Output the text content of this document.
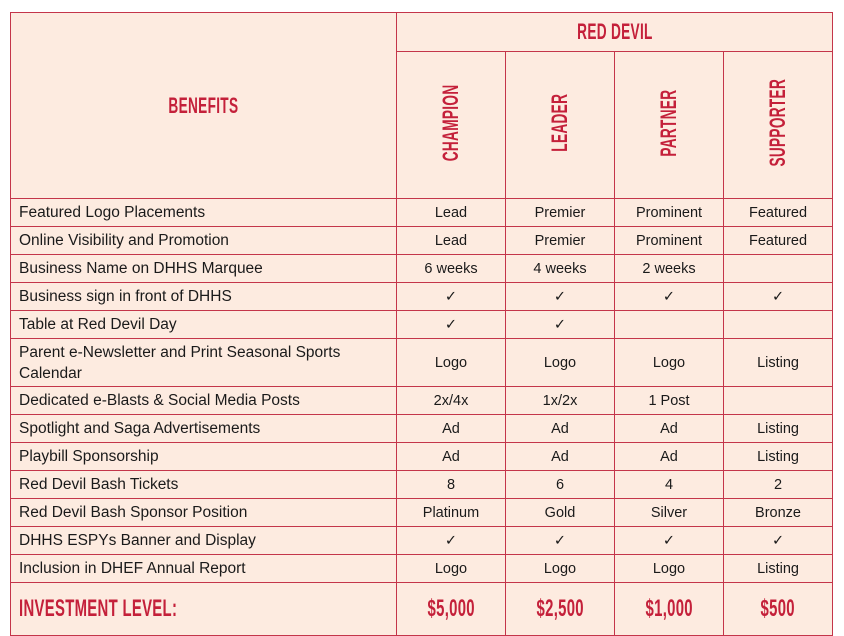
BENEFITS	RED DEVIL			
	CHAMPION	LEADER	PARTNER	SUPPORTER
Featured Logo Placements	Lead	Premier	Prominent	Featured
Online Visibility and Promotion	Lead	Premier	Prominent	Featured
Business Name on DHHS Marquee	6 weeks	4 weeks	2 weeks	
Business sign in front of DHHS	✓	✓	✓	✓
Table at Red Devil Day	✓	✓		
Parent e-Newsletter and Print Seasonal Sports Calendar	Logo	Logo	Logo	Listing
Dedicated e-Blasts & Social Media Posts	2x/4x	1x/2x	1 Post	
Spotlight and Saga Advertisements	Ad	Ad	Ad	Listing
Playbill Sponsorship	Ad	Ad	Ad	Listing
Red Devil Bash Tickets	8	6	4	2
Red Devil Bash Sponsor Position	Platinum	Gold	Silver	Bronze
DHHS ESPYs Banner and Display	✓	✓	✓	✓
Inclusion in DHEF Annual Report	Logo	Logo	Logo	Listing
INVESTMENT LEVEL:	$5,000	$2,500	$1,000	$500
